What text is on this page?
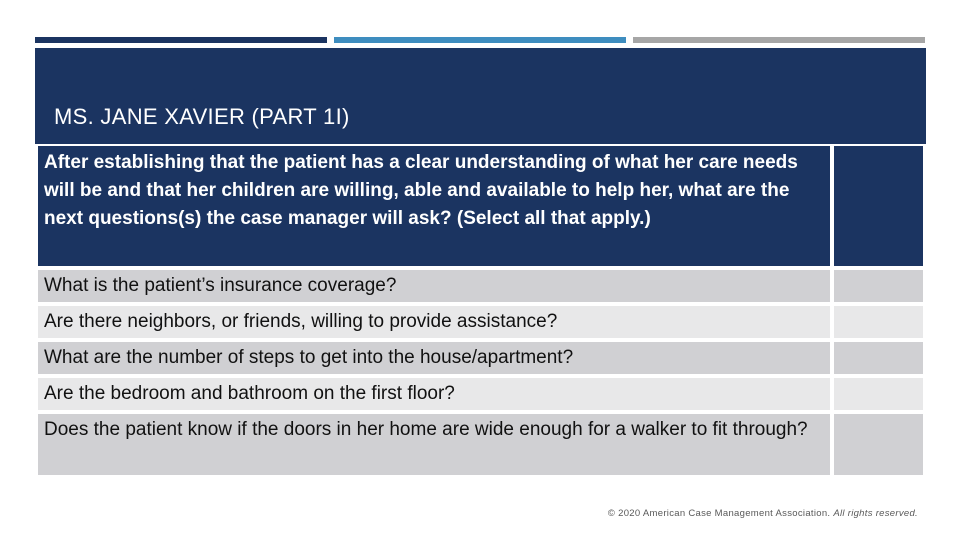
MS. JANE XAVIER (PART 1I)
After establishing that the patient has a clear understanding of what her care needs will be and that her children are willing, able and available to help her, what are the next questions(s) the case manager will ask? (Select all that apply.)
What is the patient’s insurance coverage?
Are there neighbors, or friends, willing to provide assistance?
What are the number of steps to get into the house/apartment?
Are the bedroom and bathroom on the first floor?
Does the patient know if the doors in her home are wide enough for a walker to fit through?
© 2020 American Case Management Association. All rights reserved.
